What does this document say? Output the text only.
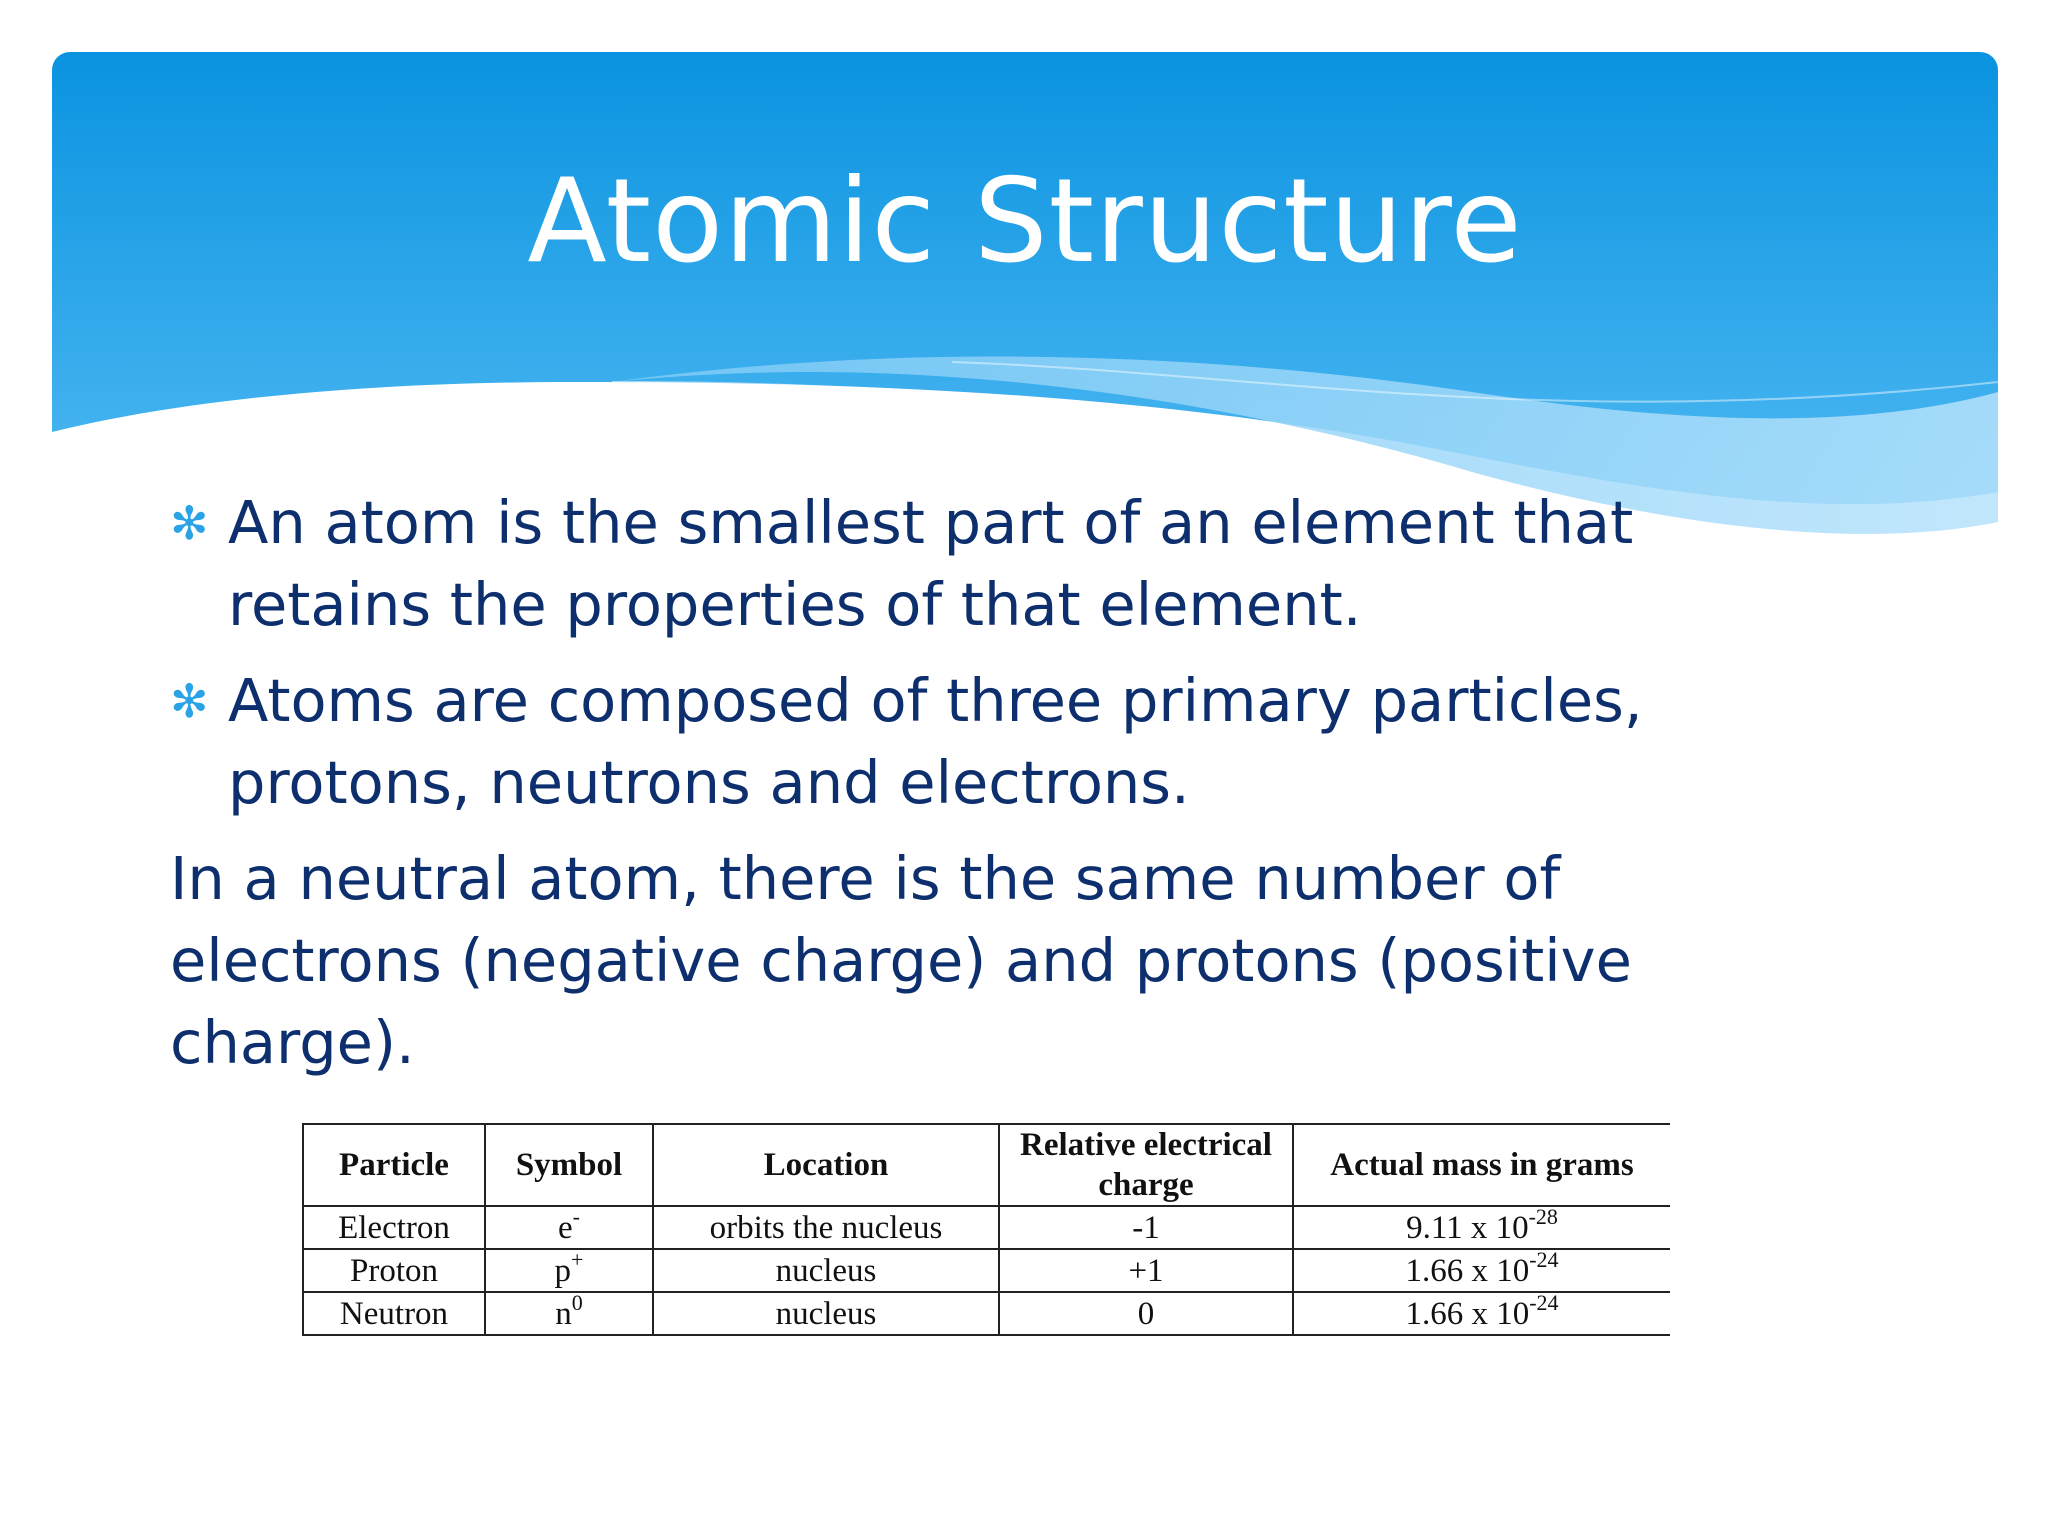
Atomic Structure
✻ An atom is the smallest part of an element that retains the properties of that element.
✻ Atoms are composed of three primary particles, protons, neutrons and electrons.

In a neutral atom, there is the same number of electrons (negative charge) and protons (positive charge).

Particle	Symbol	Location	Relative electrical charge	Actual mass in grams
Electron	e-	orbits the nucleus	-1	9.11 x $10^{-28}$
Proton	p+	nucleus	+1	1.66 x $10^{-24}$
Neutron	$n^0$	nucleus	0	1.66 x $10^{-24}$
